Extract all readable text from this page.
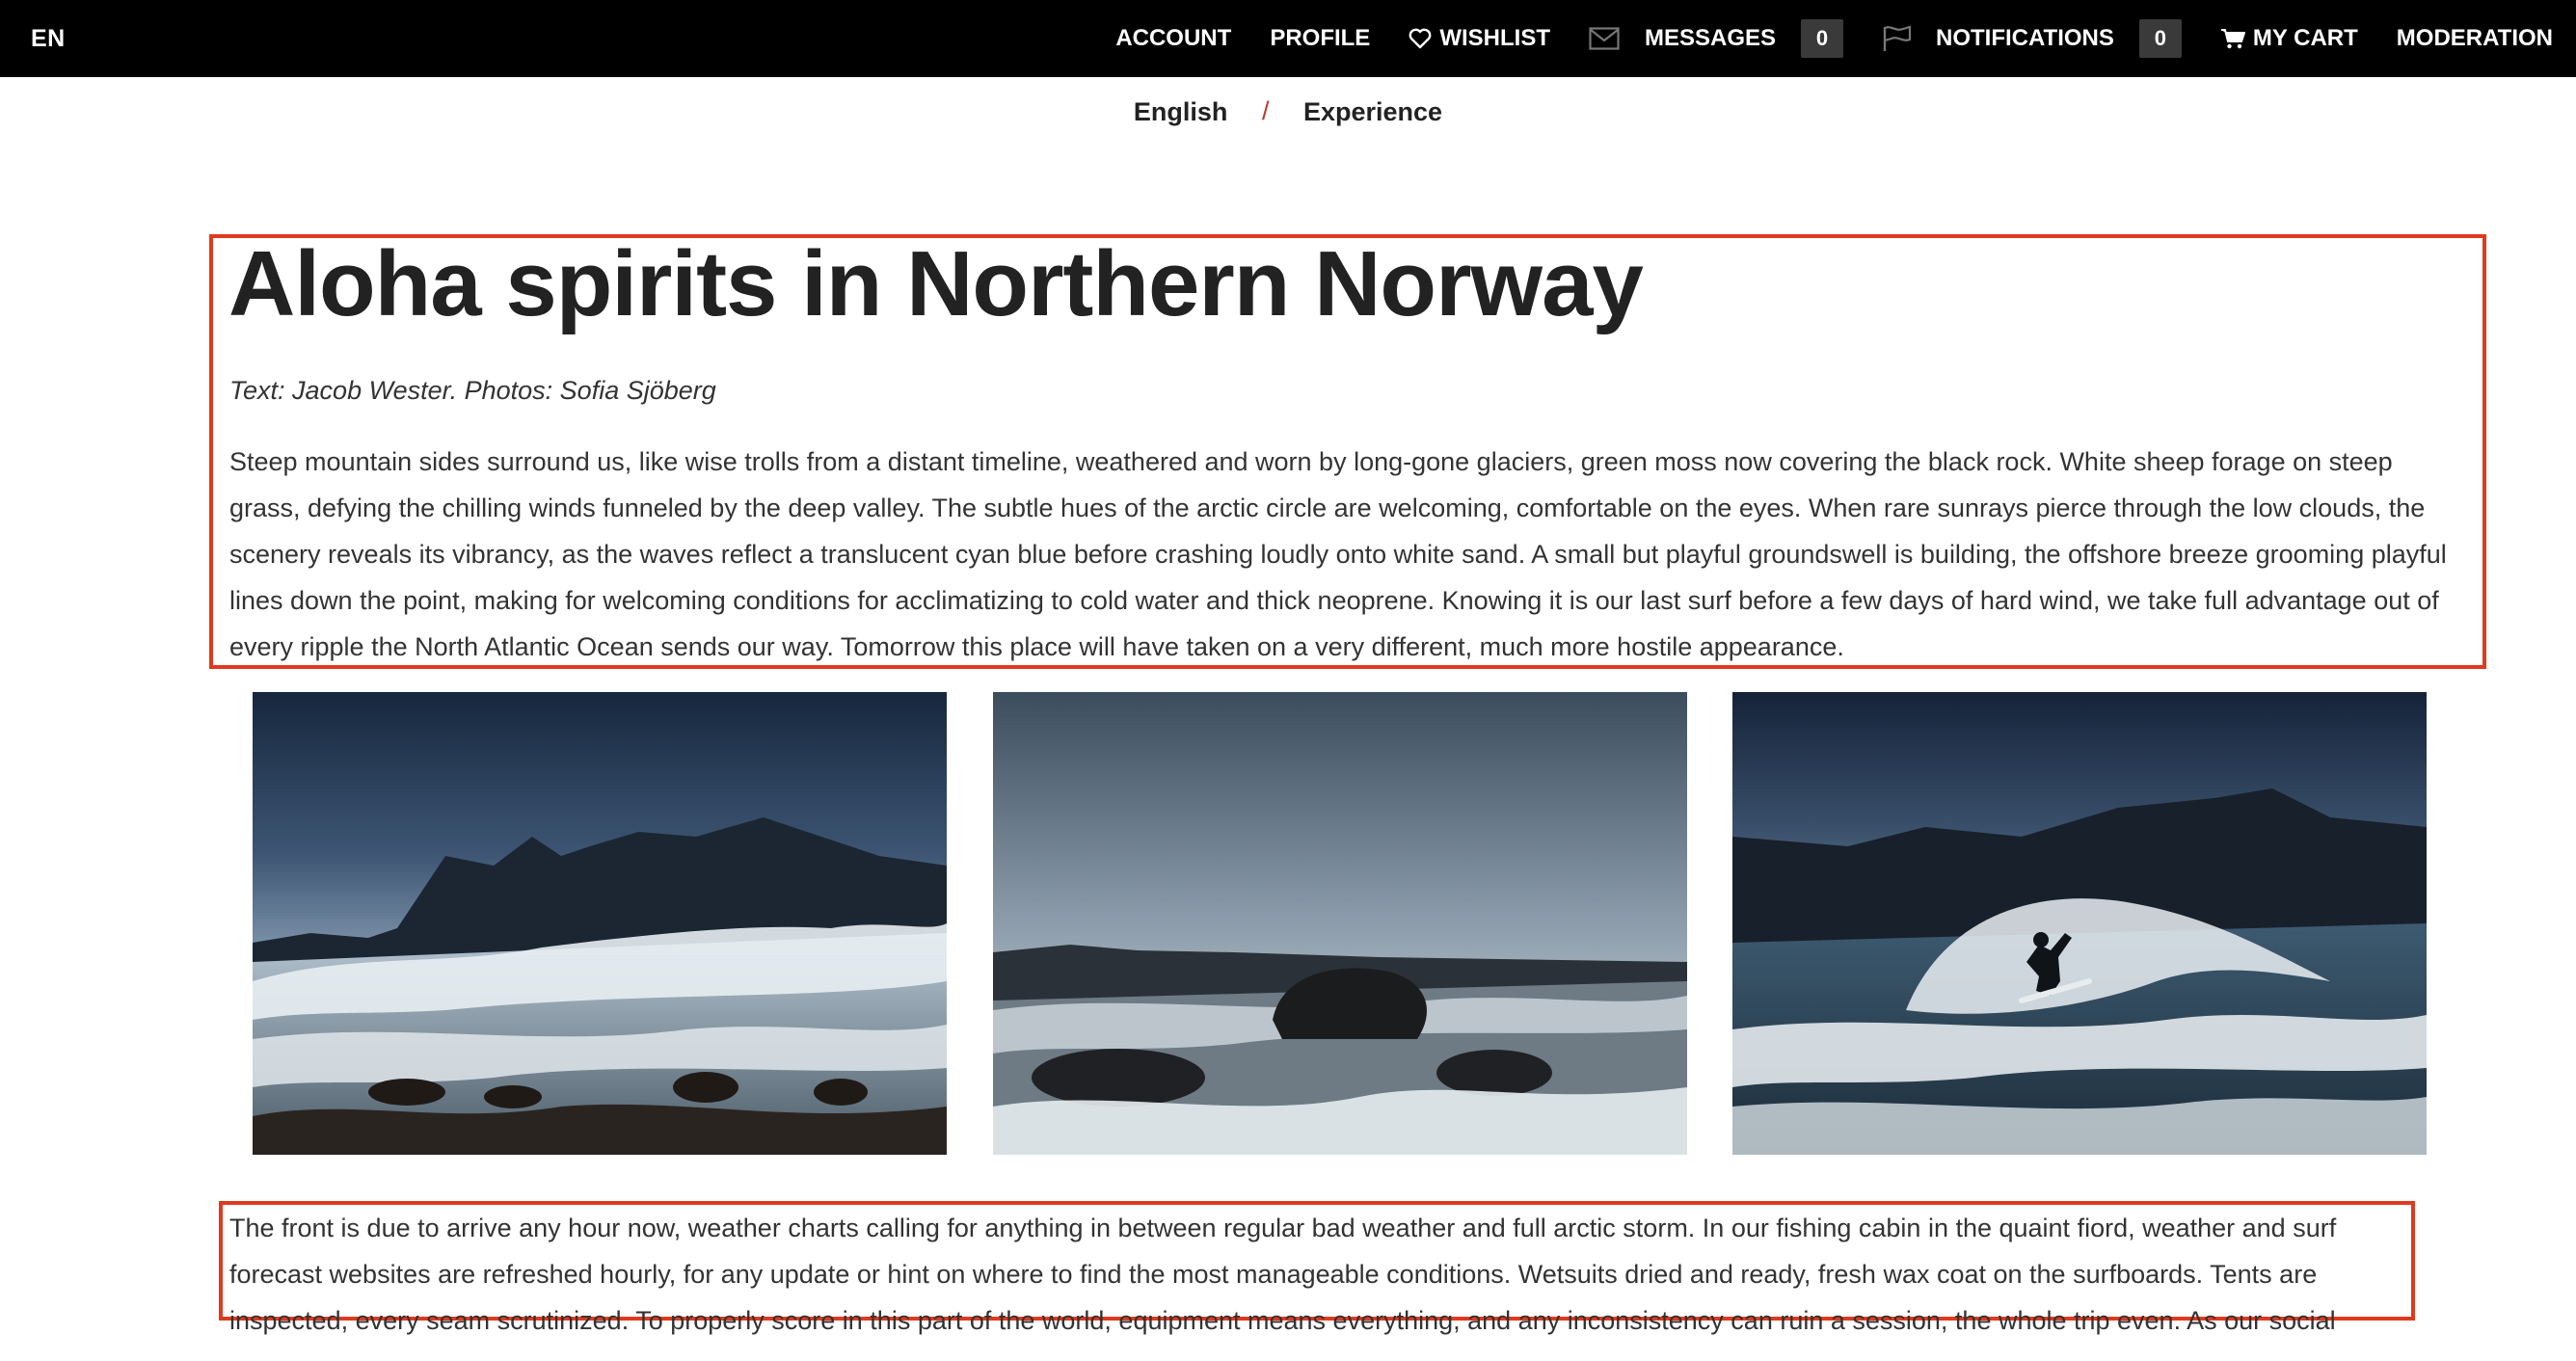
EN	ACCOUNT PROFILE	WISHLIST	MESSAGES	0	NOTIFICATIONS	0	MY CART MODERATION
English / Experience
Aloha spirits in Northern Norway
Text: Jacob Wester. Photos: Sofia Sjöberg

Steep mountain sides surround us, like wise trolls from a distant timeline, weathered and worn by long-gone glaciers, green moss now covering the black rock. White sheep forage on steep grass, defying the chilling winds funneled by the deep valley. The subtle hues of the arctic circle are welcoming, comfortable on the eyes. When rare sunrays pierce through the low clouds, the scenery reveals its vibrancy, as the waves reflect a translucent cyan blue before crashing loudly onto white sand. A small but playful groundswell is building, the offshore breeze grooming playful lines down the point, making for welcoming conditions for acclimatizing to cold water and thick neoprene. Knowing it is our last surf before a few days of hard wind, we take full advantage out of every ripple the North Atlantic Ocean sends our way. Tomorrow this place will have taken on a very different, much more hostile appearance.

The front is due to arrive any hour now, weather charts calling for anything in between regular bad weather and full arctic storm. In our fishing cabin in the quaint fiord, weather and surf forecast websites are refreshed hourly, for any update or hint on where to find the most manageable conditions. Wetsuits dried and ready, fresh wax coat on the surfboards. Tents are inspected, every seam scrutinized. To properly score in this part of the world, equipment means everything, and any inconsistency can ruin a session, the whole trip even. As our social
